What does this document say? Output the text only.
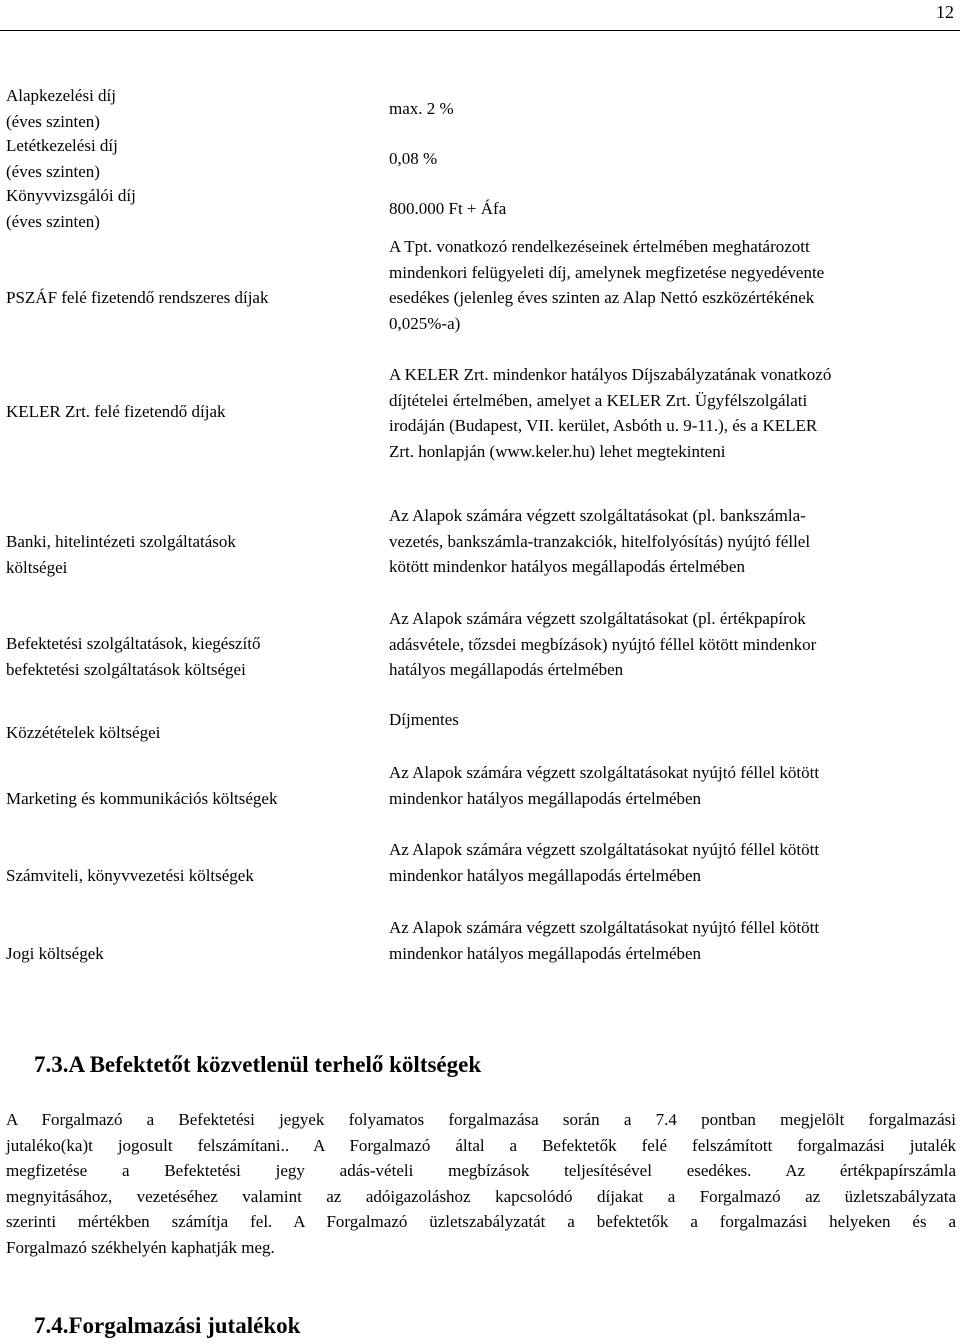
12
Alapkezelési díj
(éves szinten)
max. 2 %
Letétkezelési díj
(éves szinten)
0,08 %
Könyvvizsgálói díj
(éves szinten)
800.000 Ft + Áfa
PSZÁF felé fizetendő rendszeres díjak
A Tpt. vonatkozó rendelkezéseinek értelmében meghatározott
mindenkori felügyeleti díj, amelynek megfizetése negyedévente
esedékes (jelenleg éves szinten az Alap Nettó eszközértékének
0,025%-a)
KELER Zrt. felé fizetendő díjak
A KELER Zrt. mindenkor hatályos Díjszabályzatának vonatkozó
díjtételei értelmében, amelyet a KELER Zrt. Ügyfélszolgálati
irodáján (Budapest, VII. kerület, Asbóth u. 9-11.), és a KELER
Zrt. honlapján (www.keler.hu) lehet megtekinteni
Banki, hitelintézeti szolgáltatások
költségei
Az Alapok számára végzett szolgáltatásokat (pl. bankszámla-
vezetés, bankszámla-tranzakciók, hitelfolyósítás) nyújtó féllel
kötött mindenkor hatályos megállapodás értelmében
Befektetési szolgáltatások, kiegészítő
befektetési szolgáltatások költségei
Az Alapok számára végzett szolgáltatásokat (pl. értékpapírok
adásvétele, tőzsdei megbízások) nyújtó féllel kötött mindenkor
hatályos megállapodás értelmében
Közzétételek költségei
Díjmentes
Marketing és kommunikációs költségek
Az Alapok számára végzett szolgáltatásokat nyújtó féllel kötött
mindenkor hatályos megállapodás értelmében
Számviteli, könyvvezetési költségek
Az Alapok számára végzett szolgáltatásokat nyújtó féllel kötött
mindenkor hatályos megállapodás értelmében
Jogi költségek
Az Alapok számára végzett szolgáltatásokat nyújtó féllel kötött
mindenkor hatályos megállapodás értelmében
7.3.A Befektetőt közvetlenül terhelő költségek
A Forgalmazó a Befektetési jegyek folyamatos forgalmazása során a 7.4 pontban megjelölt forgalmazási
jutaléko(ka)t jogosult felszámítani.. A Forgalmazó által a Befektetők felé felszámított forgalmazási jutalék
megfizetése a Befektetési jegy adás-vételi megbízások teljesítésével esedékes. Az értékpapírszámla
megnyitásához, vezetéséhez valamint az adóigazoláshoz kapcsolódó díjakat a Forgalmazó az üzletszabályzata
szerinti mértékben számítja fel. A Forgalmazó üzletszabályzatát a befektetők a forgalmazási helyeken és a
Forgalmazó székhelyén kaphatják meg.
7.4.Forgalmazási jutalékok
